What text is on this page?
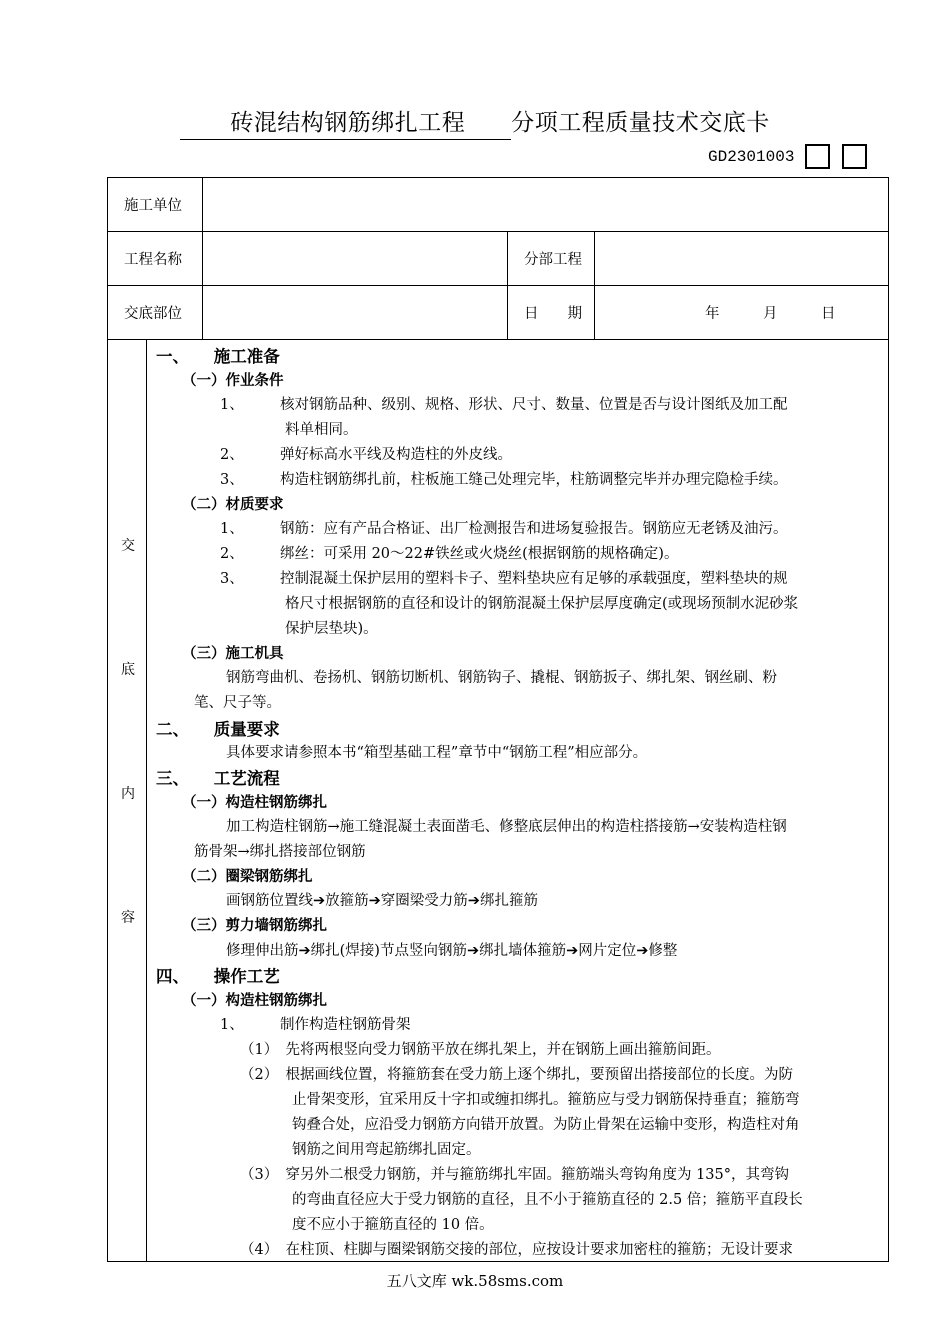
砖混结构钢筋绑扎工程 分项工程质量技术交底卡
GD2301003
施工单位			
工程名称		分部工程	
交底部位		日　　期	年　　　月　　　日
交
底
内
容
一、　　施工准备
（一）作业条件
1、　　　核对钢筋品种、级别、规格、形状、尺寸、数量、位置是否与设计图纸及加工配
料单相同。
2、　　　弹好标高水平线及构造柱的外皮线。
3、　　　构造柱钢筋绑扎前，柱板施工缝己处理完毕，柱筋调整完毕并办理完隐检手续。
（二）材质要求
1、　　　钢筋：应有产品合格证、出厂检测报告和进场复验报告。钢筋应无老锈及油污。
2、　　　绑丝：可采用 20～22#铁丝或火烧丝(根据钢筋的规格确定)。
3、　　　控制混凝土保护层用的塑料卡子、塑料垫块应有足够的承载强度，塑料垫块的规
格尺寸根据钢筋的直径和设计的钢筋混凝土保护层厚度确定(或现场预制水泥砂浆
保护层垫块)。
（三）施工机具
钢筋弯曲机、卷扬机、钢筋切断机、钢筋钩子、撬棍、钢筋扳子、绑扎架、钢丝刷、粉
笔、尺子等。
二、　　质量要求
具体要求请参照本书“箱型基础工程”章节中“钢筋工程”相应部分。
三、　　工艺流程
（一）构造柱钢筋绑扎
加工构造柱钢筋→施工缝混凝土表面凿毛、修整底层伸出的构造柱搭接筋→安装构造柱钢
筋骨架→绑扎搭接部位钢筋
（二）圈梁钢筋绑扎
画钢筋位置线➔放箍筋➔穿圈梁受力筋➔绑扎箍筋
（三）剪力墙钢筋绑扎
修理伸出筋➔绑扎(焊接)节点竖向钢筋➔绑扎墙体箍筋➔网片定位➔修整
四、　　操作工艺
（一）构造柱钢筋绑扎
1、　　　制作构造柱钢筋骨架
（1）　先将两根竖向受力钢筋平放在绑扎架上，并在钢筋上画出箍筋间距。
（2）　根据画线位置，将箍筋套在受力筋上逐个绑扎，要预留出搭接部位的长度。为防
止骨架变形，宜采用反十字扣或缠扣绑扎。箍筋应与受力钢筋保持垂直；箍筋弯
钩叠合处，应沿受力钢筋方向错开放置。为防止骨架在运输中变形，构造柱对角
钢筋之间用弯起筋绑扎固定。
（3）　穿另外二根受力钢筋，并与箍筋绑扎牢固。箍筋端头弯钩角度为 135°，其弯钩
的弯曲直径应大于受力钢筋的直径，且不小于箍筋直径的 2.5 倍；箍筋平直段长
度不应小于箍筋直径的 10 倍。
（4）　在柱顶、柱脚与圈梁钢筋交接的部位，应按设计要求加密柱的箍筋；无设计要求
五八文库 wk.58sms.com
